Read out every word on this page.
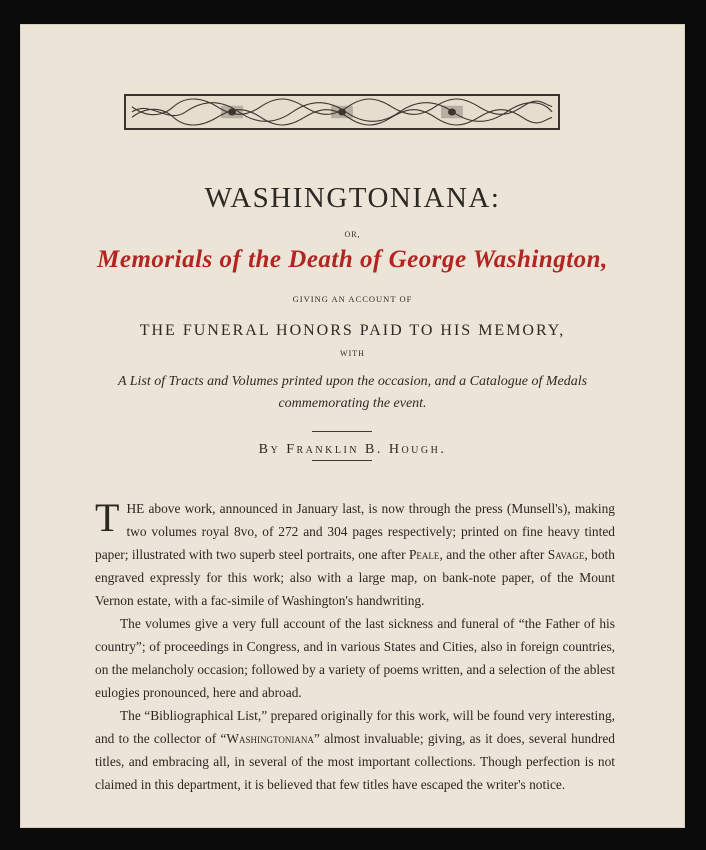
WASHINGTONIANA:
OR,
Memorials of the Death of George Washington,
GIVING AN ACCOUNT OF
THE FUNERAL HONORS PAID TO HIS MEMORY,
WITH
A List of Tracts and Volumes printed upon the occasion, and a Catalogue of Medals
commemorating the event.
By Franklin B. Hough.

THE above work, announced in January last, is now through the press (Munsell's), making two volumes royal 8vo, of 272 and 304 pages respectively; printed on fine heavy tinted paper; illustrated with two superb steel portraits, one after Peale, and the other after Savage, both engraved expressly for this work; also with a large map, on bank-note paper, of the Mount Vernon estate, with a fac-simile of Washington's handwriting.

The volumes give a very full account of the last sickness and funeral of “the Father of his country”; of proceedings in Congress, and in various States and Cities, also in foreign countries, on the melancholy occasion; followed by a variety of poems written, and a selection of the ablest eulogies pronounced, here and abroad.

The “Bibliographical List,” prepared originally for this work, will be found very interesting, and to the collector of “Washingtoniana” almost invaluable; giving, as it does, several hundred titles, and embracing all, in several of the most important collections. Though perfection is not claimed in this department, it is believed that few titles have escaped the writer's notice.
